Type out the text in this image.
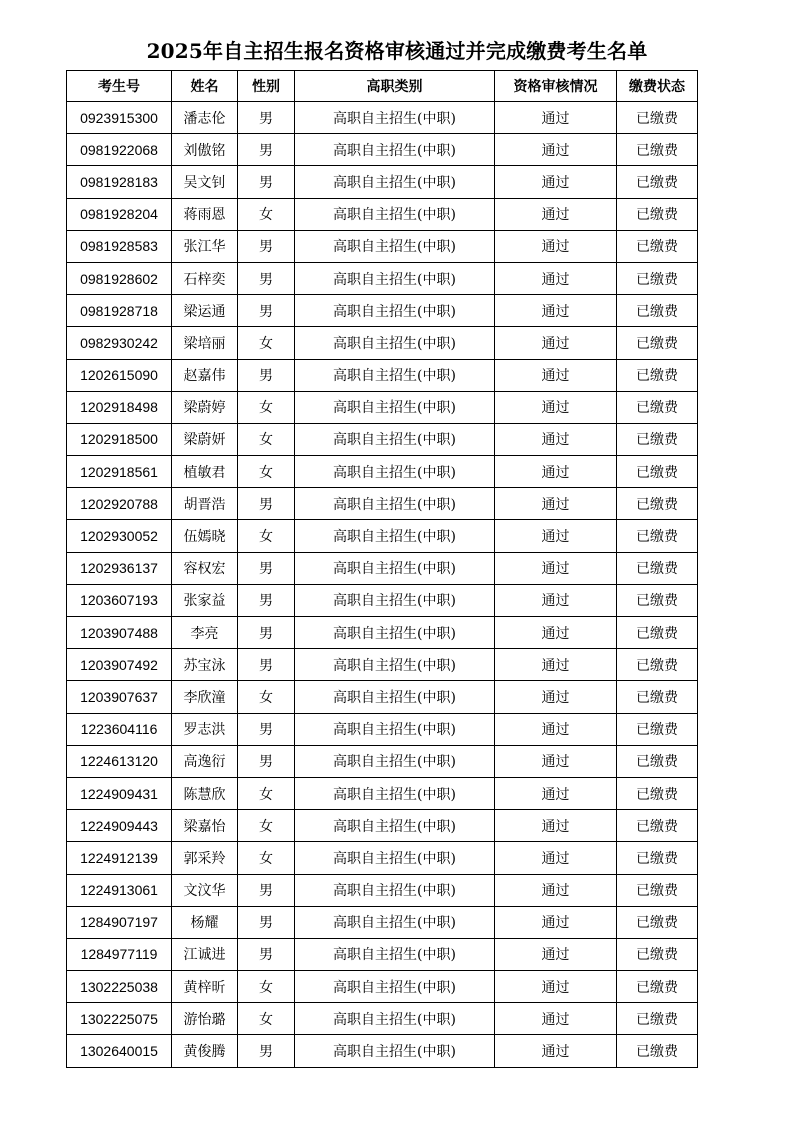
2025年自主招生报名资格审核通过并完成缴费考生名单
考生号	姓名	性别	高职类别	资格审核情况	缴费状态
0923915300	潘志伦	男	高职自主招生(中职)	通过	已缴费
0981922068	刘傲铭	男	高职自主招生(中职)	通过	已缴费
0981928183	吴文钊	男	高职自主招生(中职)	通过	已缴费
0981928204	蒋雨恩	女	高职自主招生(中职)	通过	已缴费
0981928583	张江华	男	高职自主招生(中职)	通过	已缴费
0981928602	石梓奕	男	高职自主招生(中职)	通过	已缴费
0981928718	梁运通	男	高职自主招生(中职)	通过	已缴费
0982930242	梁培丽	女	高职自主招生(中职)	通过	已缴费
1202615090	赵嘉伟	男	高职自主招生(中职)	通过	已缴费
1202918498	梁蔚婷	女	高职自主招生(中职)	通过	已缴费
1202918500	梁蔚妍	女	高职自主招生(中职)	通过	已缴费
1202918561	植敏君	女	高职自主招生(中职)	通过	已缴费
1202920788	胡晋浩	男	高职自主招生(中职)	通过	已缴费
1202930052	伍嫣晓	女	高职自主招生(中职)	通过	已缴费
1202936137	容权宏	男	高职自主招生(中职)	通过	已缴费
1203607193	张家益	男	高职自主招生(中职)	通过	已缴费
1203907488	李亮	男	高职自主招生(中职)	通过	已缴费
1203907492	苏宝泳	男	高职自主招生(中职)	通过	已缴费
1203907637	李欣潼	女	高职自主招生(中职)	通过	已缴费
1223604116	罗志洪	男	高职自主招生(中职)	通过	已缴费
1224613120	高逸衍	男	高职自主招生(中职)	通过	已缴费
1224909431	陈慧欣	女	高职自主招生(中职)	通过	已缴费
1224909443	梁嘉怡	女	高职自主招生(中职)	通过	已缴费
1224912139	郭采羚	女	高职自主招生(中职)	通过	已缴费
1224913061	文汶华	男	高职自主招生(中职)	通过	已缴费
1284907197	杨耀	男	高职自主招生(中职)	通过	已缴费
1284977119	江诚进	男	高职自主招生(中职)	通过	已缴费
1302225038	黄梓昕	女	高职自主招生(中职)	通过	已缴费
1302225075	游怡璐	女	高职自主招生(中职)	通过	已缴费
1302640015	黄俊腾	男	高职自主招生(中职)	通过	已缴费
